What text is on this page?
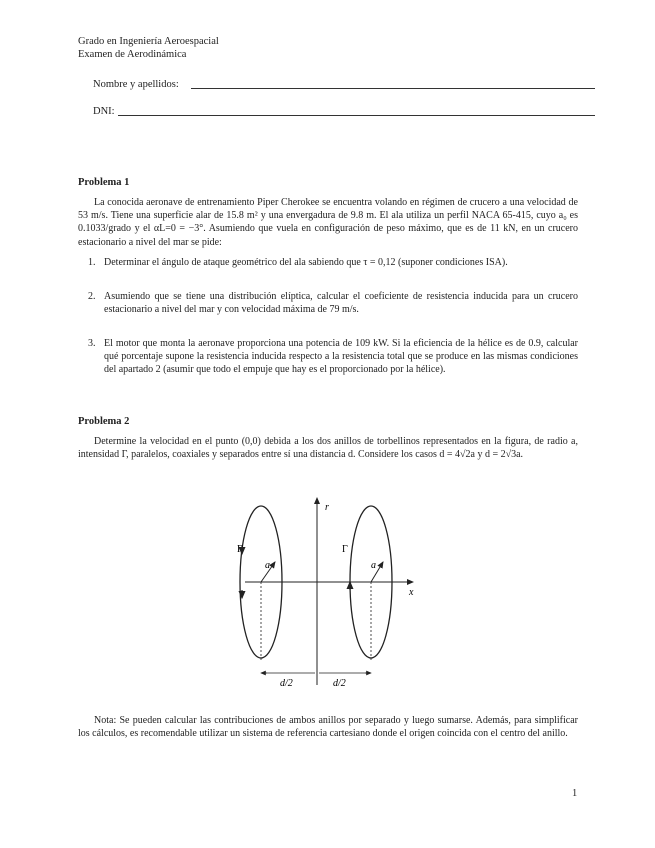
Grado en Ingeniería Aeroespacial
Examen de Aerodinámica
Nombre y apellidos:
DNI:
Problema 1
La conocida aeronave de entrenamiento Piper Cherokee se encuentra volando en régimen de crucero a una velocidad de 53 m/s. Tiene una superficie alar de 15.8 m² y una envergadura de 9.8 m. El ala utiliza un perfil NACA 65-415, cuyo a₀ es 0.1033/grado y el αL=0 = −3°. Asumiendo que vuela en configuración de peso máximo, que es de 11 kN, en un crucero estacionario a nivel del mar se pide:
1. Determinar el ángulo de ataque geométrico del ala sabiendo que τ = 0,12 (suponer condiciones ISA).
2. Asumiendo que se tiene una distribución elíptica, calcular el coeficiente de resistencia inducida para un crucero estacionario a nivel del mar y con velocidad máxima de 79 m/s.
3. El motor que monta la aeronave proporciona una potencia de 109 kW. Si la eficiencia de la hélice es de 0.9, calcular qué porcentaje supone la resistencia inducida respecto a la resistencia total que se produce en las mismas condiciones del apartado 2 (asumir que todo el empuje que hay es el proporcionado por la hélice).
Problema 2
Determine la velocidad en el punto (0,0) debida a los dos anillos de torbellinos representados en la figura, de radio a, intensidad Γ, paralelos, coaxiales y separados entre sí una distancia d. Considere los casos d = 4√2a y d = 2√3a.
r
x
Γ
a
Γ
a
d/2	d/2
Nota: Se pueden calcular las contribuciones de ambos anillos por separado y luego sumarse. Además, para simplificar los cálculos, es recomendable utilizar un sistema de referencia cartesiano donde el origen coincida con el centro del anillo.
1
